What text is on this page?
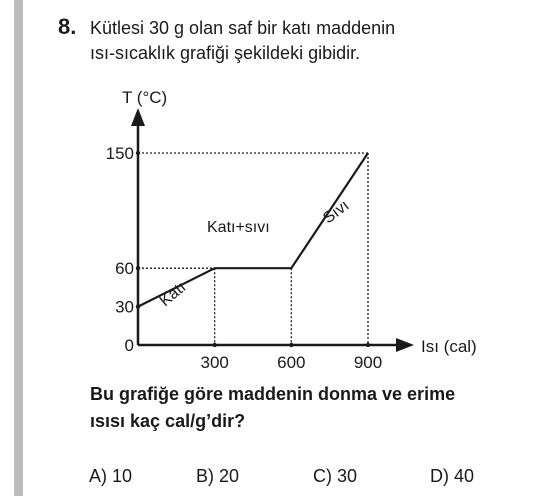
8. Kütlesi 30 g olan saf bir katı maddenin
ısı-sıcaklık grafiği şekildeki gibidir.
T (°C)
Isı (cal)
0
30
60
150
300	600	900
Katı
Katı+sıvı
Sıvı
Bu grafiğe göre maddenin donma ve erime
ısısı kaç cal/g’dir?
A) 10	B) 20	C) 30	D) 40
